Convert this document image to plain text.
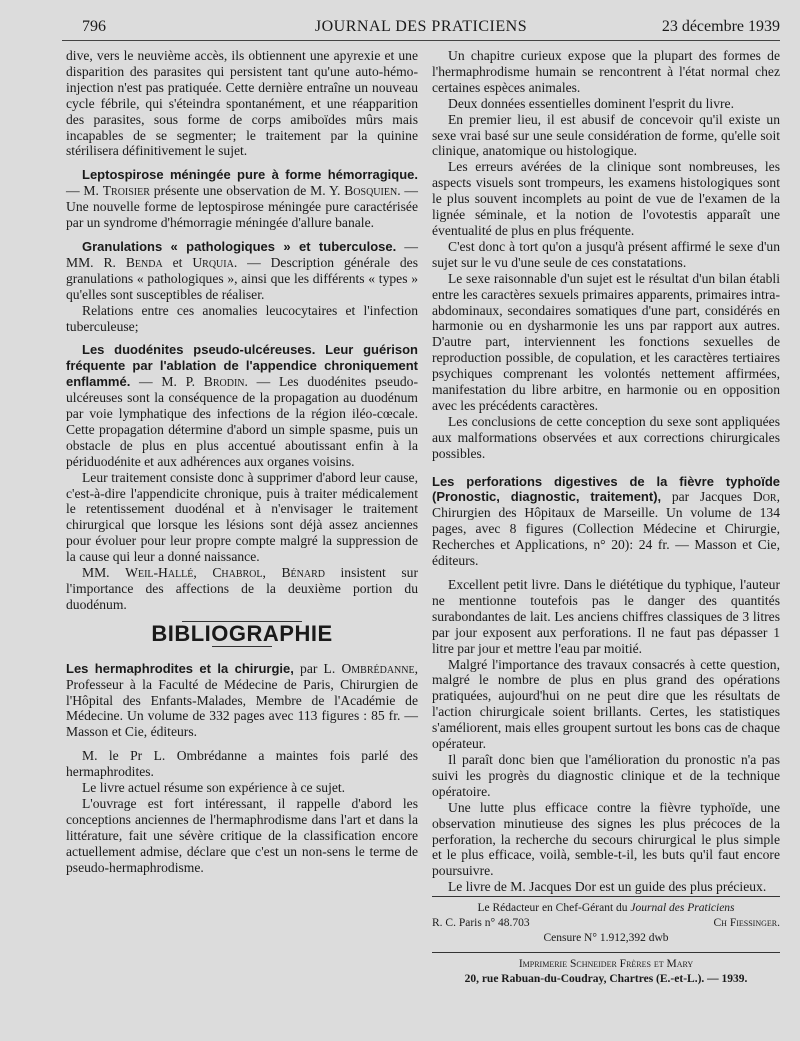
796	JOURNAL DES PRATICIENS	23 décembre 1939

dive, vers le neuvième accès, ils obtiennent une apyrexie et une disparition des parasites qui persistent tant qu'une auto-hémo-injection n'est pas pratiquée. Cette dernière entraîne un nouveau cycle fébrile, qui s'éteindra spontanément, et une réapparition des parasites, sous forme de corps amiboïdes mûrs mais incapables de se segmenter; le traitement par la quinine stérilisera définitivement le sujet.

Leptospirose méningée pure à forme hémorragique. — M. Troisier présente une observation de M. Y. Bosquien. — Une nouvelle forme de leptospirose méningée pure caractérisée par un syndrome d'hémorragie méningée d'allure banale.

Granulations « pathologiques » et tuberculose. — MM. R. Benda et Urquia. — Description générale des granulations « pathologiques », ainsi que les différents « types » qu'elles sont susceptibles de réaliser.

Relations entre ces anomalies leucocytaires et l'infection tuberculeuse;

Les duodénites pseudo-ulcéreuses. Leur guérison fréquente par l'ablation de l'appendice chroniquement enflammé. — M. P. Brodin. — Les duodénites pseudo-ulcéreuses sont la conséquence de la propagation au duodénum par voie lymphatique des infections de la région iléo-cœcale. Cette propagation détermine d'abord un simple spasme, puis un obstacle de plus en plus accentué aboutissant enfin à la périduodénite et aux adhérences aux organes voisins.

Leur traitement consiste donc à supprimer d'abord leur cause, c'est-à-dire l'appendicite chronique, puis à traiter médicalement le retentissement duodénal et à n'envisager le traitement chirurgical que lorsque les lésions sont déjà assez anciennes pour évoluer pour leur propre compte malgré la suppression de la cause qui leur a donné naissance.

MM. Weil-Hallé, Chabrol, Bénard insistent sur l'importance des affections de la deuxième portion du duodénum.

BIBLIOGRAPHIE

Les hermaphrodites et la chirurgie, par L. Ombrédanne, Professeur à la Faculté de Médecine de Paris, Chirurgien de l'Hôpital des Enfants-Malades, Membre de l'Académie de Médecine. Un volume de 332 pages avec 113 figures : 85 fr. — Masson et Cie, éditeurs.

M. le Pr L. Ombrédanne a maintes fois parlé des hermaphrodites.

Le livre actuel résume son expérience à ce sujet.

L'ouvrage est fort intéressant, il rappelle d'abord les conceptions anciennes de l'hermaphrodisme dans l'art et dans la littérature, fait une sévère critique de la classification encore actuellement admise, déclare que c'est un non-sens le terme de pseudo-hermaphrodisme.

Un chapitre curieux expose que la plupart des formes de l'hermaphrodisme humain se rencontrent à l'état normal chez certaines espèces animales.

Deux données essentielles dominent l'esprit du livre.

En premier lieu, il est abusif de concevoir qu'il existe un sexe vrai basé sur une seule considération de forme, qu'elle soit clinique, anatomique ou histologique.

Les erreurs avérées de la clinique sont nombreuses, les aspects visuels sont trompeurs, les examens histologiques sont le plus souvent incomplets au point de vue de l'examen de la lignée séminale, et la notion de l'ovotestis apparaît une éventualité de plus en plus fréquente.

C'est donc à tort qu'on a jusqu'à présent affirmé le sexe d'un sujet sur le vu d'une seule de ces constatations.

Le sexe raisonnable d'un sujet est le résultat d'un bilan établi entre les caractères sexuels primaires apparents, primaires intra-abdominaux, secondaires somatiques d'une part, considérés en harmonie ou en dysharmonie les uns par rapport aux autres. D'autre part, interviennent les fonctions sexuelles de reproduction possible, de copulation, et les caractères tertiaires psychiques comprenant les volontés nettement affirmées, manifestation du libre arbitre, en harmonie ou en opposition avec les précédents caractères.

Les conclusions de cette conception du sexe sont appliquées aux malformations observées et aux corrections chirurgicales possibles.

Les perforations digestives de la fièvre typhoïde (Pronostic, diagnostic, traitement), par Jacques Dor, Chirurgien des Hôpitaux de Marseille. Un volume de 134 pages, avec 8 figures (Collection Médecine et Chirurgie, Recherches et Applications, n° 20): 24 fr. — Masson et Cie, éditeurs.

Excellent petit livre. Dans le diététique du typhique, l'auteur ne mentionne toutefois pas le danger des quantités surabondantes de lait. Les anciens chiffres classiques de 3 litres par jour exposent aux perforations. Il ne faut pas dépasser 1 litre par jour et mettre l'eau par moitié.

Malgré l'importance des travaux consacrés à cette question, malgré le nombre de plus en plus grand des opérations pratiquées, aujourd'hui on ne peut dire que les résultats de l'action chirurgicale soient brillants. Certes, les statistiques s'améliorent, mais elles groupent surtout les bons cas de chaque opérateur.

Il paraît donc bien que l'amélioration du pronostic n'a pas suivi les progrès du diagnostic clinique et de la technique opératoire.

Une lutte plus efficace contre la fièvre typhoïde, une observation minutieuse des signes les plus précoces de la perforation, la recherche du secours chirurgical le plus simple et le plus efficace, voilà, semble-t-il, les buts qu'il faut encore poursuivre.

Le livre de M. Jacques Dor est un guide des plus précieux.

Le Rédacteur en Chef-Gérant du Journal des Praticiens
R. C. Paris n° 48.703	Ch Fiessinger.
Censure N° 1.912,392 dwb
Imprimerie Schneider Frères et Mary
20, rue Rabuan-du-Coudray, Chartres (E.-et-L.). — 1939.
